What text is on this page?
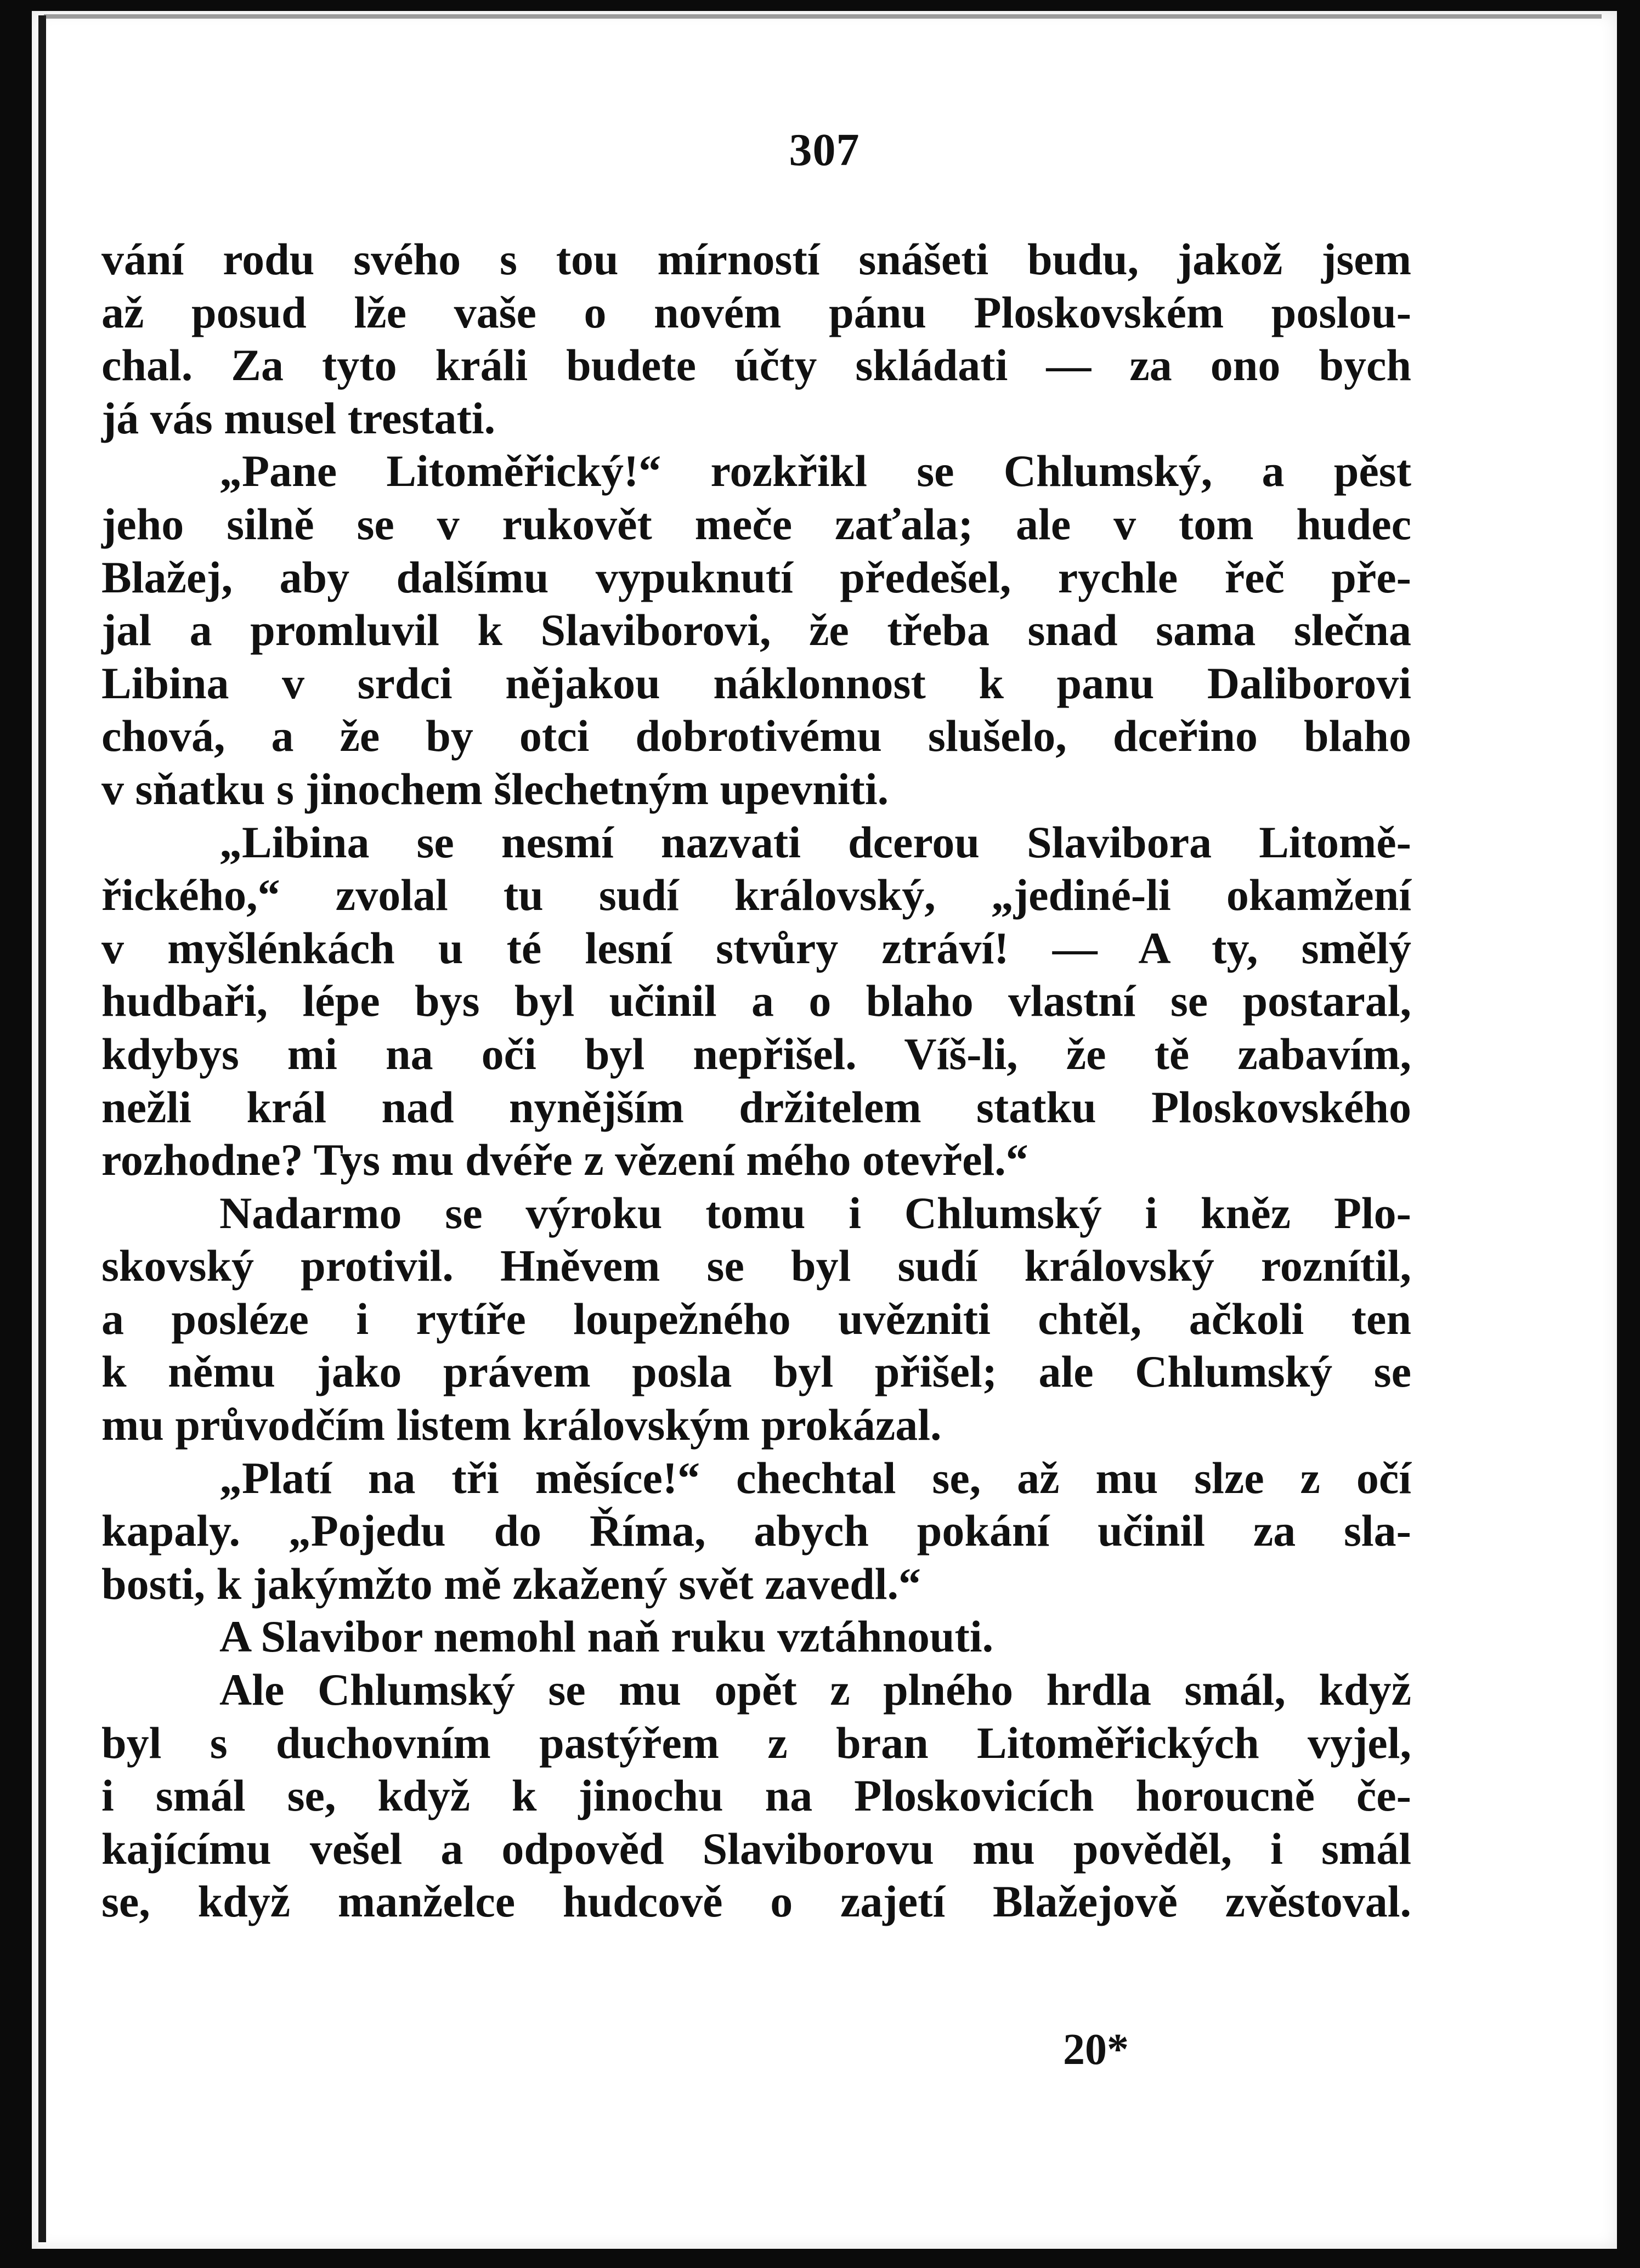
307
vání rodu svého s tou mírností snášeti budu, jakož jsem
až posud lže vaše o novém pánu Ploskovském poslou-
chal. Za tyto králi budete účty skládati — za ono bych
já vás musel trestati.
„Pane Litoměřický!“ rozkřikl se Chlumský, a pěst
jeho silně se v rukovět meče zaťala; ale v tom hudec
Blažej, aby dalšímu vypuknutí předešel, rychle řeč pře-
jal a promluvil k Slaviborovi, že třeba snad sama slečna
Libina v srdci nějakou náklonnost k panu Daliborovi
chová, a že by otci dobrotivému slušelo, dceřino blaho
v sňatku s jinochem šlechetným upevniti.
„Libina se nesmí nazvati dcerou Slavibora Litomě-
řického,“ zvolal tu sudí královský, „jediné-li okamžení
v myšlénkách u té lesní stvůry ztráví! — A ty, smělý
hudbaři, lépe bys byl učinil a o blaho vlastní se postaral,
kdybys mi na oči byl nepřišel. Víš-li, že tě zabavím,
nežli král nad nynějším držitelem statku Ploskovského
rozhodne? Tys mu dvéře z vězení mého otevřel.“
Nadarmo se výroku tomu i Chlumský i kněz Plo-
skovský protivil. Hněvem se byl sudí královský roznítil,
a posléze i rytíře loupežného uvězniti chtěl, ačkoli ten
k němu jako právem posla byl přišel; ale Chlumský se
mu průvodčím listem královským prokázal.
„Platí na tři měsíce!“ chechtal se, až mu slze z očí
kapaly. „Pojedu do Říma, abych pokání učinil za sla-
bosti, k jakýmžto mě zkažený svět zavedl.“
A Slavibor nemohl naň ruku vztáhnouti.
Ale Chlumský se mu opět z plného hrdla smál, když
byl s duchovním pastýřem z bran Litoměřických vyjel,
i smál se, když k jinochu na Ploskovicích horoucně če-
kajícímu vešel a odpověd Slaviborovu mu pověděl, i smál
se, když manželce hudcově o zajetí Blažejově zvěstoval.
20*
